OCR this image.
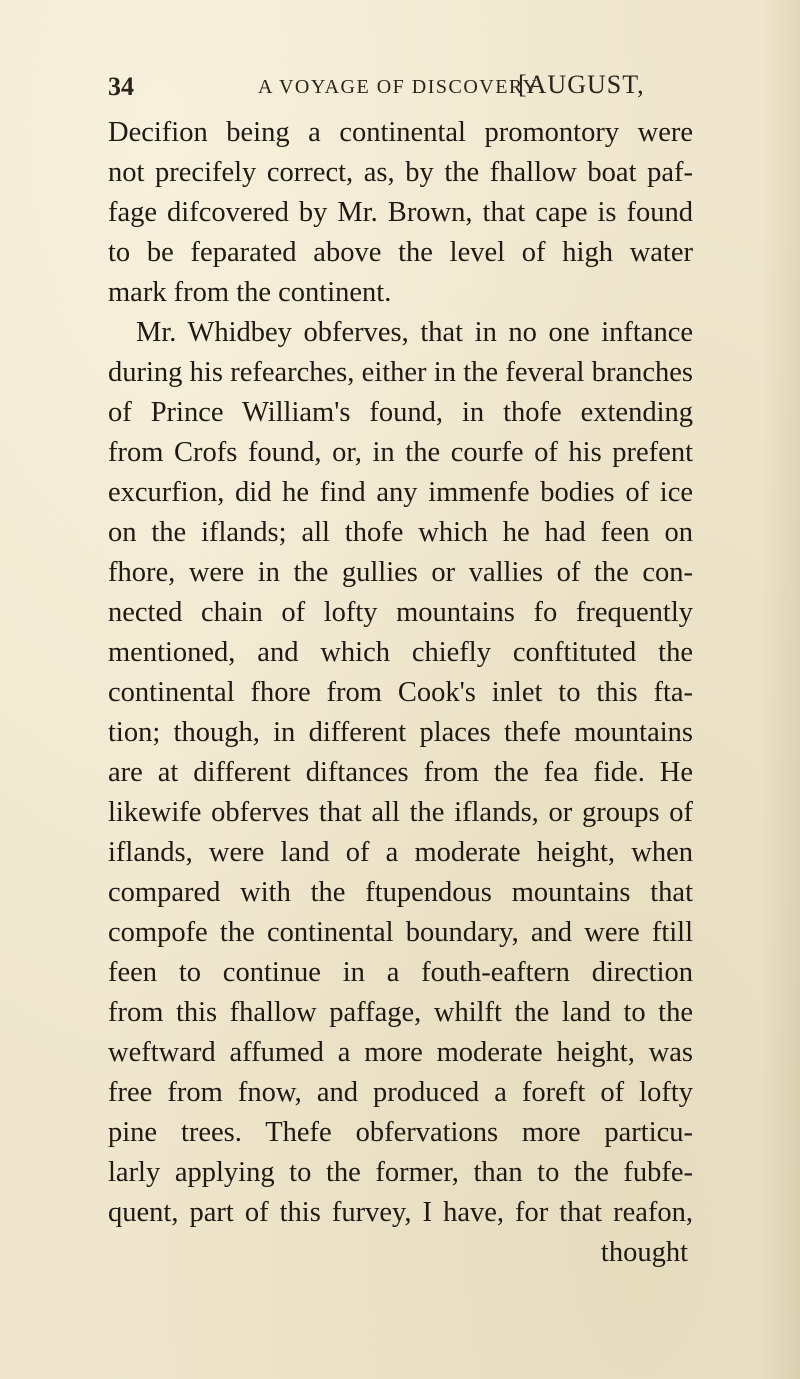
34	A VOYAGE OF DISCOVERY
[AUGUST,
Decifion being a continental promontory were
not precifely correct, as, by the fhallow boat paf-
fage difcovered by Mr. Brown, that cape is found
to be feparated above the level of high water
mark from the continent.
Mr. Whidbey obferves, that in no one inftance
during his refearches, either in the feveral branches
of Prince William's found, in thofe extending
from Crofs found, or, in the courfe of his prefent
excurfion, did he find any immenfe bodies of ice
on the iflands; all thofe which he had feen on
fhore, were in the gullies or vallies of the con-
nected chain of lofty mountains fo frequently
mentioned, and which chiefly conftituted the
continental fhore from Cook's inlet to this fta-
tion; though, in different places thefe mountains
are at different diftances from the fea fide. He
likewife obferves that all the iflands, or groups of
iflands, were land of a moderate height, when
compared with the ftupendous mountains that
compofe the continental boundary, and were ftill
feen to continue in a fouth-eaftern direction
from this fhallow paffage, whilft the land to the
weftward affumed a more moderate height, was
free from fnow, and produced a foreft of lofty
pine trees. Thefe obfervations more particu-
larly applying to the former, than to the fubfe-
quent, part of this furvey, I have, for that reafon,
thought
